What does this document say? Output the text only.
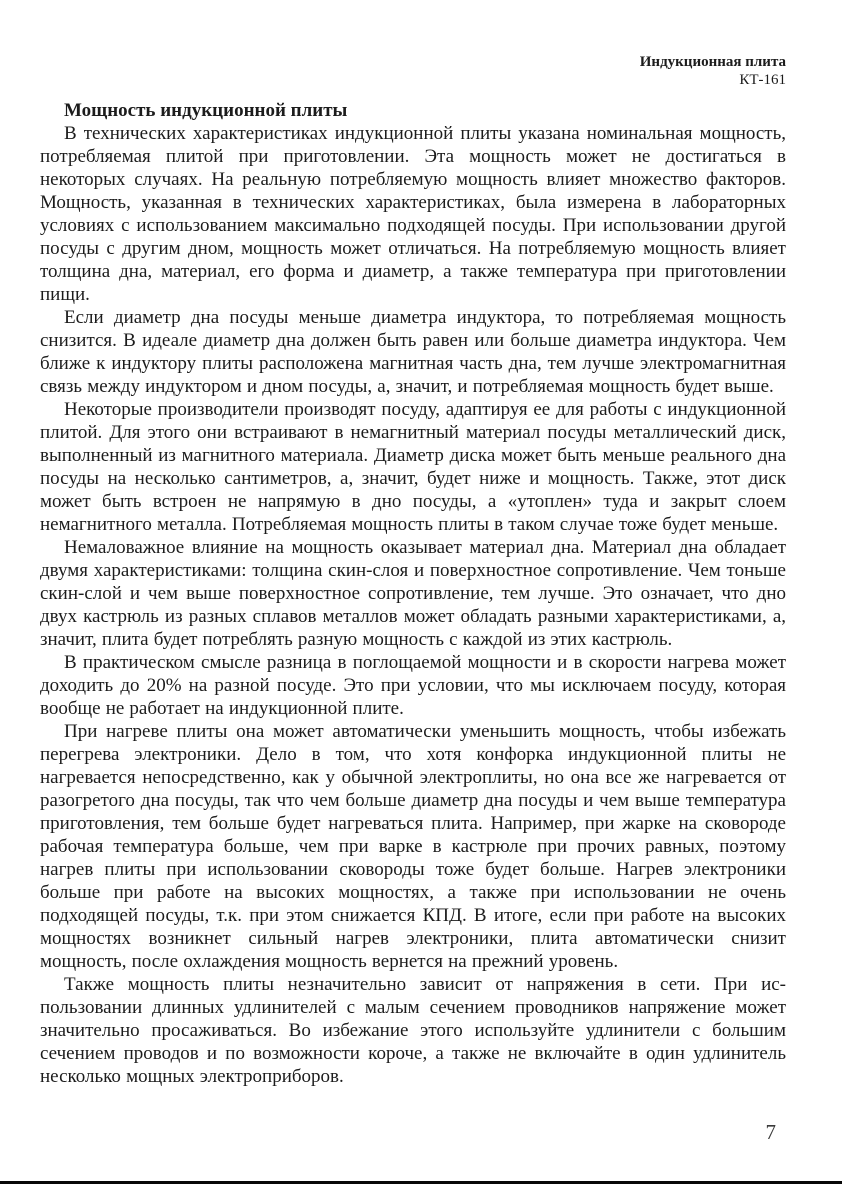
Индукционная плита
КТ-161
Мощность индукционной плиты

В технических характеристиках индукционной плиты указана номинальная мощность, потребляемая плитой при приготовлении. Эта мощность может не достигаться в некоторых случаях. На реальную потребляемую мощность влияет множество факторов. Мощность, указанная в технических характеристиках, была измерена в лабораторных условиях с использованием максимально подходящей посуды. При использовании другой посуды с другим дном, мощность может отличаться. На потребляемую мощность влияет толщина дна, материал, его форма и диаметр, а также температура при приготовлении пищи.

Если диаметр дна посуды меньше диаметра индуктора, то потребляемая мощность снизится. В идеале диаметр дна должен быть равен или больше диаметра индуктора. Чем ближе к индуктору плиты расположена магнитная часть дна, тем лучше электромагнитная связь между индуктором и дном посуды, а, значит, и потребляемая мощность будет выше.

Некоторые производители производят посуду, адаптируя ее для работы с индукционной плитой. Для этого они встраивают в немагнитный материал посуды металлический диск, выполненный из магнитного материала. Диаметр диска может быть меньше реального дна посуды на несколько сантиметров, а, значит, будет ниже и мощность. Также, этот диск может быть встроен не напрямую в дно посуды, а «утоплен» туда и закрыт слоем немагнитного металла. Потребляемая мощность плиты в таком случае тоже будет меньше.

Немаловажное влияние на мощность оказывает материал дна. Материал дна обладает двумя характеристиками: толщина скин-слоя и поверхностное сопротивление. Чем тоньше скин-слой и чем выше поверхностное сопротивление, тем лучше. Это означает, что дно двух кастрюль из разных сплавов металлов может обладать разными характеристиками, а, значит, плита будет потреблять разную мощность с каждой из этих кастрюль.

В практическом смысле разница в поглощаемой мощности и в скорости нагрева может доходить до 20% на разной посуде. Это при условии, что мы исключаем посуду, которая вообще не работает на индукционной плите.

При нагреве плиты она может автоматически уменьшить мощность, чтобы избежать перегрева электроники. Дело в том, что хотя конфорка индукционной плиты не нагревается непосредственно, как у обычной электроплиты, но она все же нагревается от разогретого дна посуды, так что чем больше диаметр дна посуды и чем выше температура приготовления, тем больше будет нагреваться плита. Например, при жарке на сковороде рабочая температура больше, чем при варке в кастрюле при прочих равных, поэтому нагрев плиты при использовании сковороды тоже будет больше. Нагрев электроники больше при работе на высоких мощностях, а также при использовании не очень подходящей посуды, т.к. при этом снижается КПД. В итоге, если при работе на высоких мощностях возникнет сильный нагрев электроники, плита автоматически снизит мощность, после охлаждения мощность вернется на прежний уровень.

Также мощность плиты незначительно зависит от напряжения в сети. При использовании длинных удлинителей с малым сечением проводников напряжение может значительно просаживаться. Во избежание этого используйте удлинители с большим сечением проводов и по возможности короче, а также не включайте в один удлинитель несколько мощных электроприборов.

7
